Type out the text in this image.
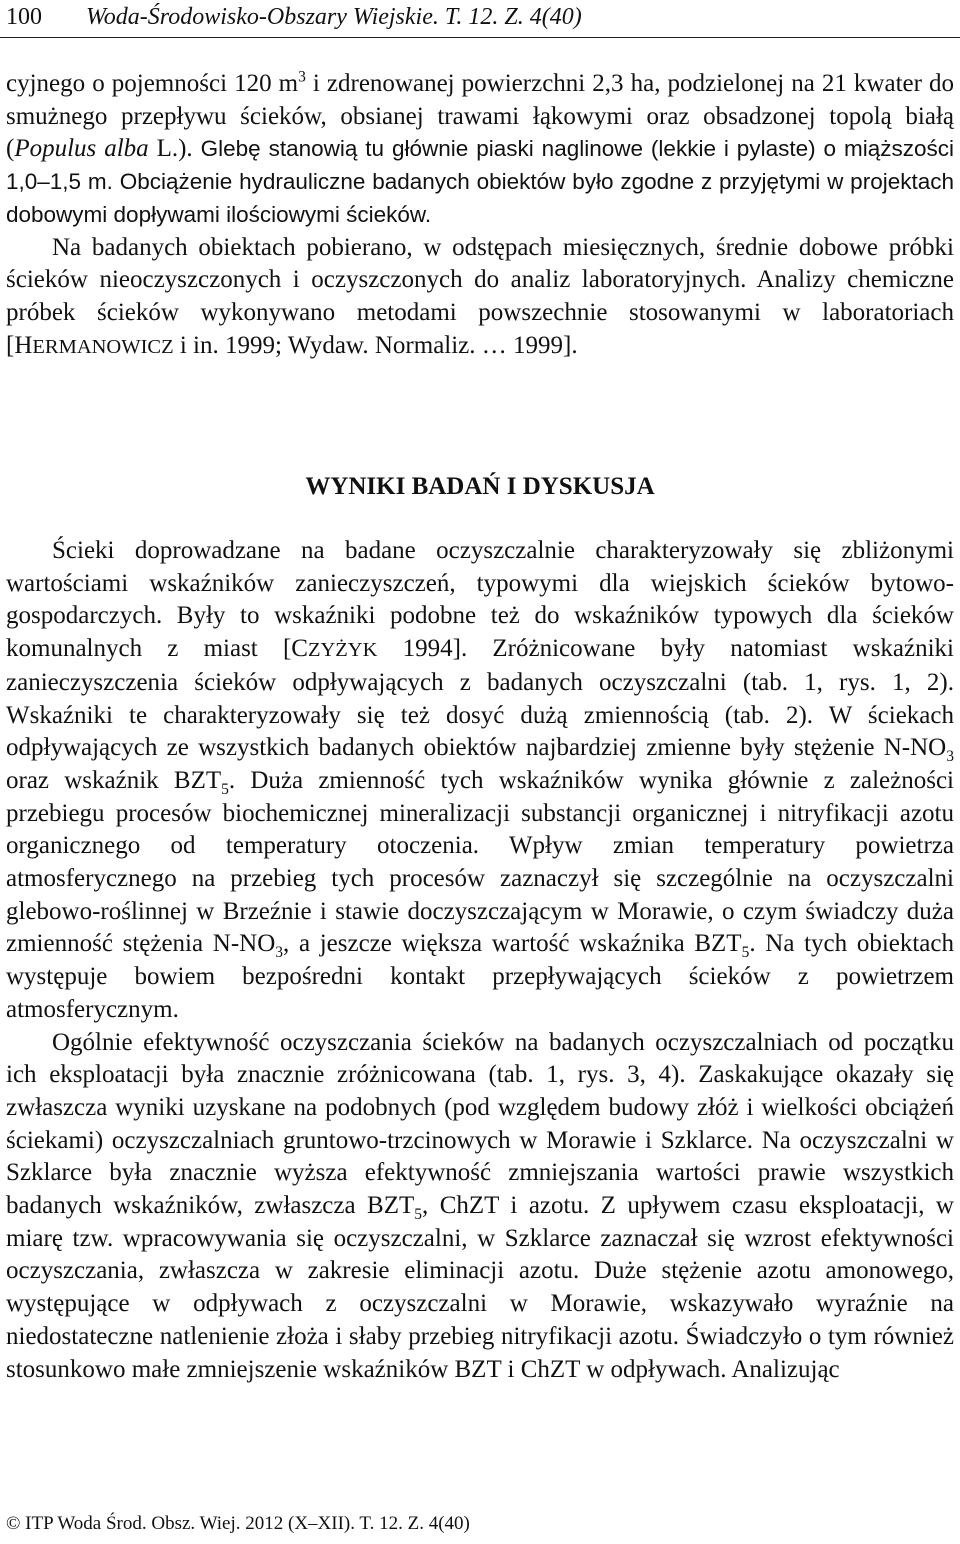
100 Woda-Środowisko-Obszary Wiejskie. T. 12. Z. 4(40)

cyjnego o pojemności 120 $m^3$ i zdrenowanej powierzchni 2,3 ha, podzielonej na 21 kwater do smużnego przepływu ścieków, obsianej trawami łąkowymi oraz obsadzonej topolą białą (Populus alba L.). Glebę stanowią tu głównie piaski naglinowe (lekkie i pylaste) o miąższości 1,0–1,5 m. Obciążenie hydrauliczne badanych obiektów było zgodne z przyjętymi w projektach dobowymi dopływami ilościowymi ścieków.

Na badanych obiektach pobierano, w odstępach miesięcznych, średnie dobowe próbki ścieków nieoczyszczonych i oczyszczonych do analiz laboratoryjnych. Analizy chemiczne próbek ścieków wykonywano metodami powszechnie stosowanymi w laboratoriach [HERMANOWICZ i in. 1999; Wydaw. Normaliz. … 1999].

WYNIKI BADAŃ I DYSKUSJA

Ścieki doprowadzane na badane oczyszczalnie charakteryzowały się zbliżonymi wartościami wskaźników zanieczyszczeń, typowymi dla wiejskich ścieków bytowo-gospodarczych. Były to wskaźniki podobne też do wskaźników typowych dla ścieków komunalnych z miast [CZYŻYK 1994]. Zróżnicowane były natomiast wskaźniki zanieczyszczenia ścieków odpływających z badanych oczyszczalni (tab. 1, rys. 1, 2). Wskaźniki te charakteryzowały się też dosyć dużą zmiennością (tab. 2). W ściekach odpływających ze wszystkich badanych obiektów najbardziej zmienne były stężenie $N-NO_3$ oraz wskaźnik $BZT_5$. Duża zmienność tych wskaźników wynika głównie z zależności przebiegu procesów biochemicznej mineralizacji substancji organicznej i nitryfikacji azotu organicznego od temperatury otoczenia. Wpływ zmian temperatury powietrza atmosferycznego na przebieg tych procesów zaznaczył się szczególnie na oczyszczalni glebowo-roślinnej w Brzeźnie i stawie doczyszczającym w Morawie, o czym świadczy duża zmienność stężenia $N-NO_3$, a jeszcze większa wartość wskaźnika $BZT_5$. Na tych obiektach występuje bowiem bezpośredni kontakt przepływających ścieków z powietrzem atmosferycznym.

Ogólnie efektywność oczyszczania ścieków na badanych oczyszczalniach od początku ich eksploatacji była znacznie zróżnicowana (tab. 1, rys. 3, 4). Zaskakujące okazały się zwłaszcza wyniki uzyskane na podobnych (pod względem budowy złóż i wielkości obciążeń ściekami) oczyszczalniach gruntowo-trzcinowych w Morawie i Szklarce. Na oczyszczalni w Szklarce była znacznie wyższa efektywność zmniejszania wartości prawie wszystkich badanych wskaźników, zwłaszcza $BZT_5$, ChZT i azotu. Z upływem czasu eksploatacji, w miarę tzw. wpracowywania się oczyszczalni, w Szklarce zaznaczał się wzrost efektywności oczyszczania, zwłaszcza w zakresie eliminacji azotu. Duże stężenie azotu amonowego, występujące w odpływach z oczyszczalni w Morawie, wskazywało wyraźnie na niedostateczne natlenienie złoża i słaby przebieg nitryfikacji azotu. Świadczyło o tym również stosunkowo małe zmniejszenie wskaźników BZT i ChZT w odpływach. Analizując

© ITP Woda Środ. Obsz. Wiej. 2012 (X–XII). T. 12. Z. 4(40)
